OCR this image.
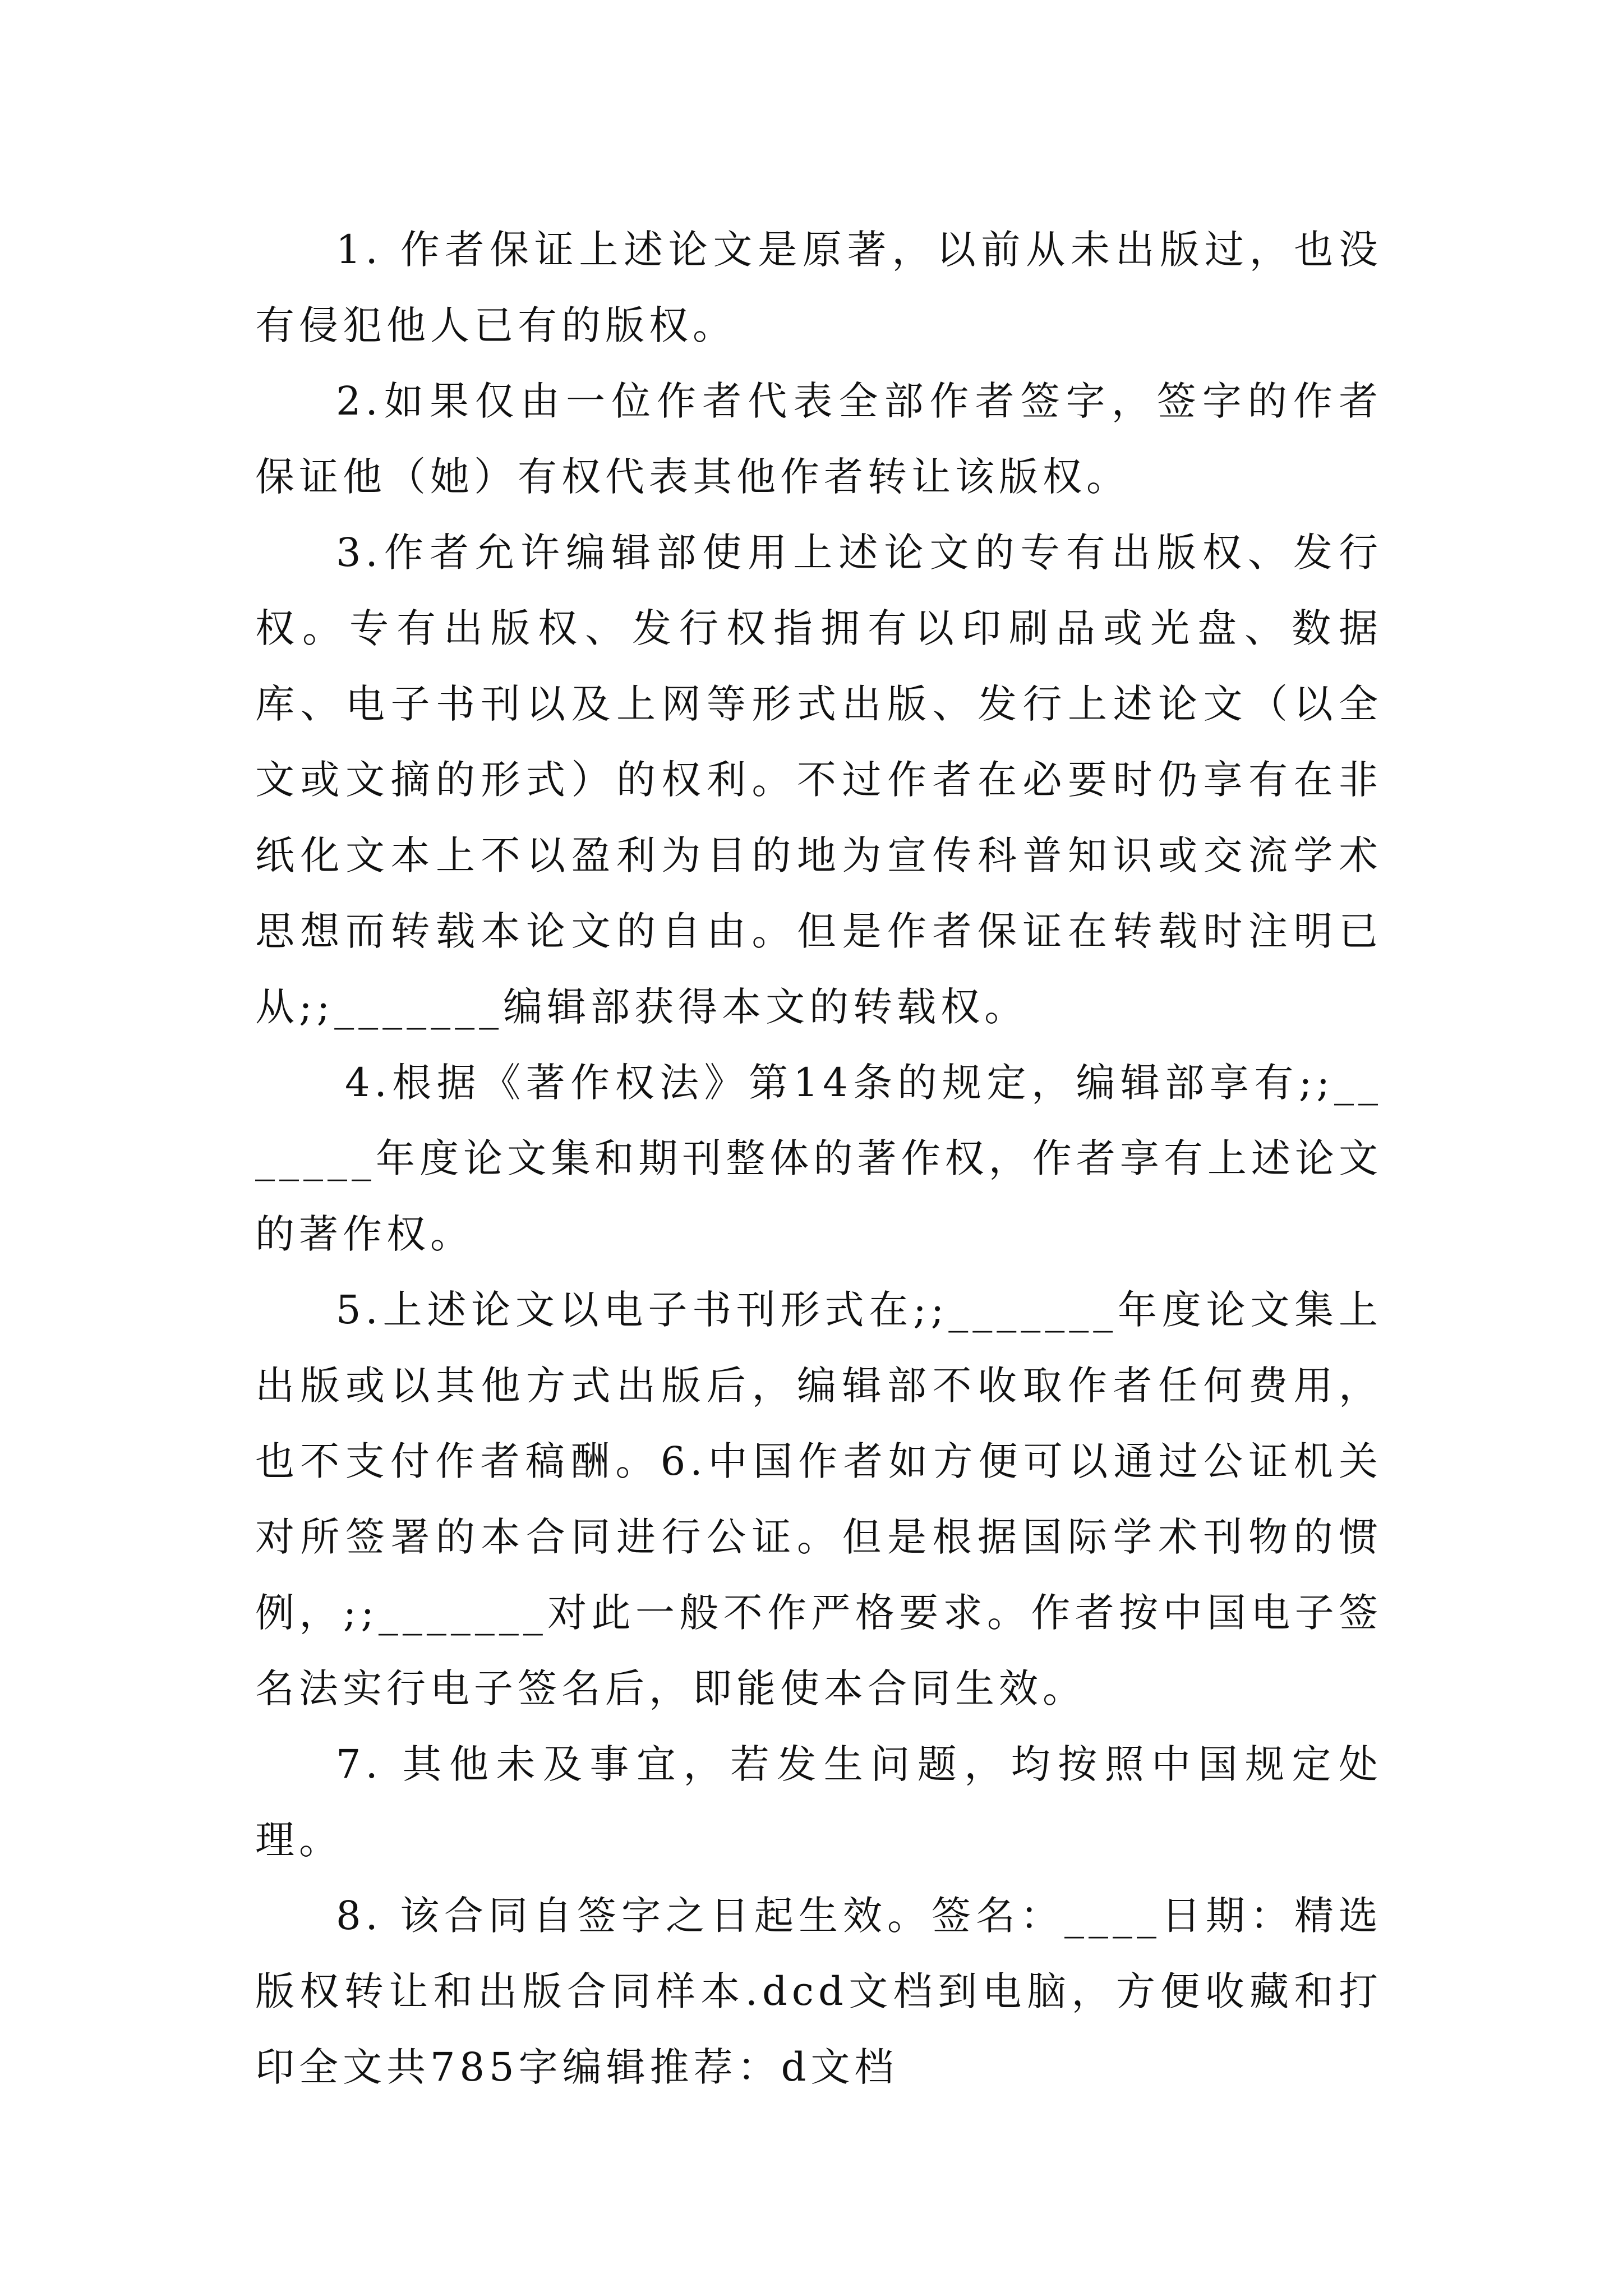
1. 作者保证上述论文是原著，以前从未出版过，也没有侵犯他人已有的版权。

2.如果仅由一位作者代表全部作者签字，签字的作者保证他（她）有权代表其他作者转让该版权。

3.作者允许编辑部使用上述论文的专有出版权、发行权。专有出版权、发行权指拥有以印刷品或光盘、数据库、电子书刊以及上网等形式出版、发行上述论文（以全文或文摘的形式）的权利。不过作者在必要时仍享有在非纸化文本上不以盈利为目的地为宣传科普知识或交流学术思想而转载本论文的自由。但是作者保证在转载时注明已从;;_______编辑部获得本文的转载权。

4.根据《著作权法》第14条的规定，编辑部享有;;_______年度论文集和期刊整体的著作权，作者享有上述论文的著作权。

5.上述论文以电子书刊形式在;;_______年度论文集上出版或以其他方式出版后，编辑部不收取作者任何费用，也不支付作者稿酬。6.中国作者如方便可以通过公证机关对所签署的本合同进行公证。但是根据国际学术刊物的惯例，;;_______对此一般不作严格要求。作者按中国电子签名法实行电子签名后，即能使本合同生效。

7. 其他未及事宜，若发生问题，均按照中国规定处理。

8. 该合同自签字之日起生效。签名：____日期：精选版权转让和出版合同样本.dcd文档到电脑，方便收藏和打印全文共785字编辑推荐：d文档
